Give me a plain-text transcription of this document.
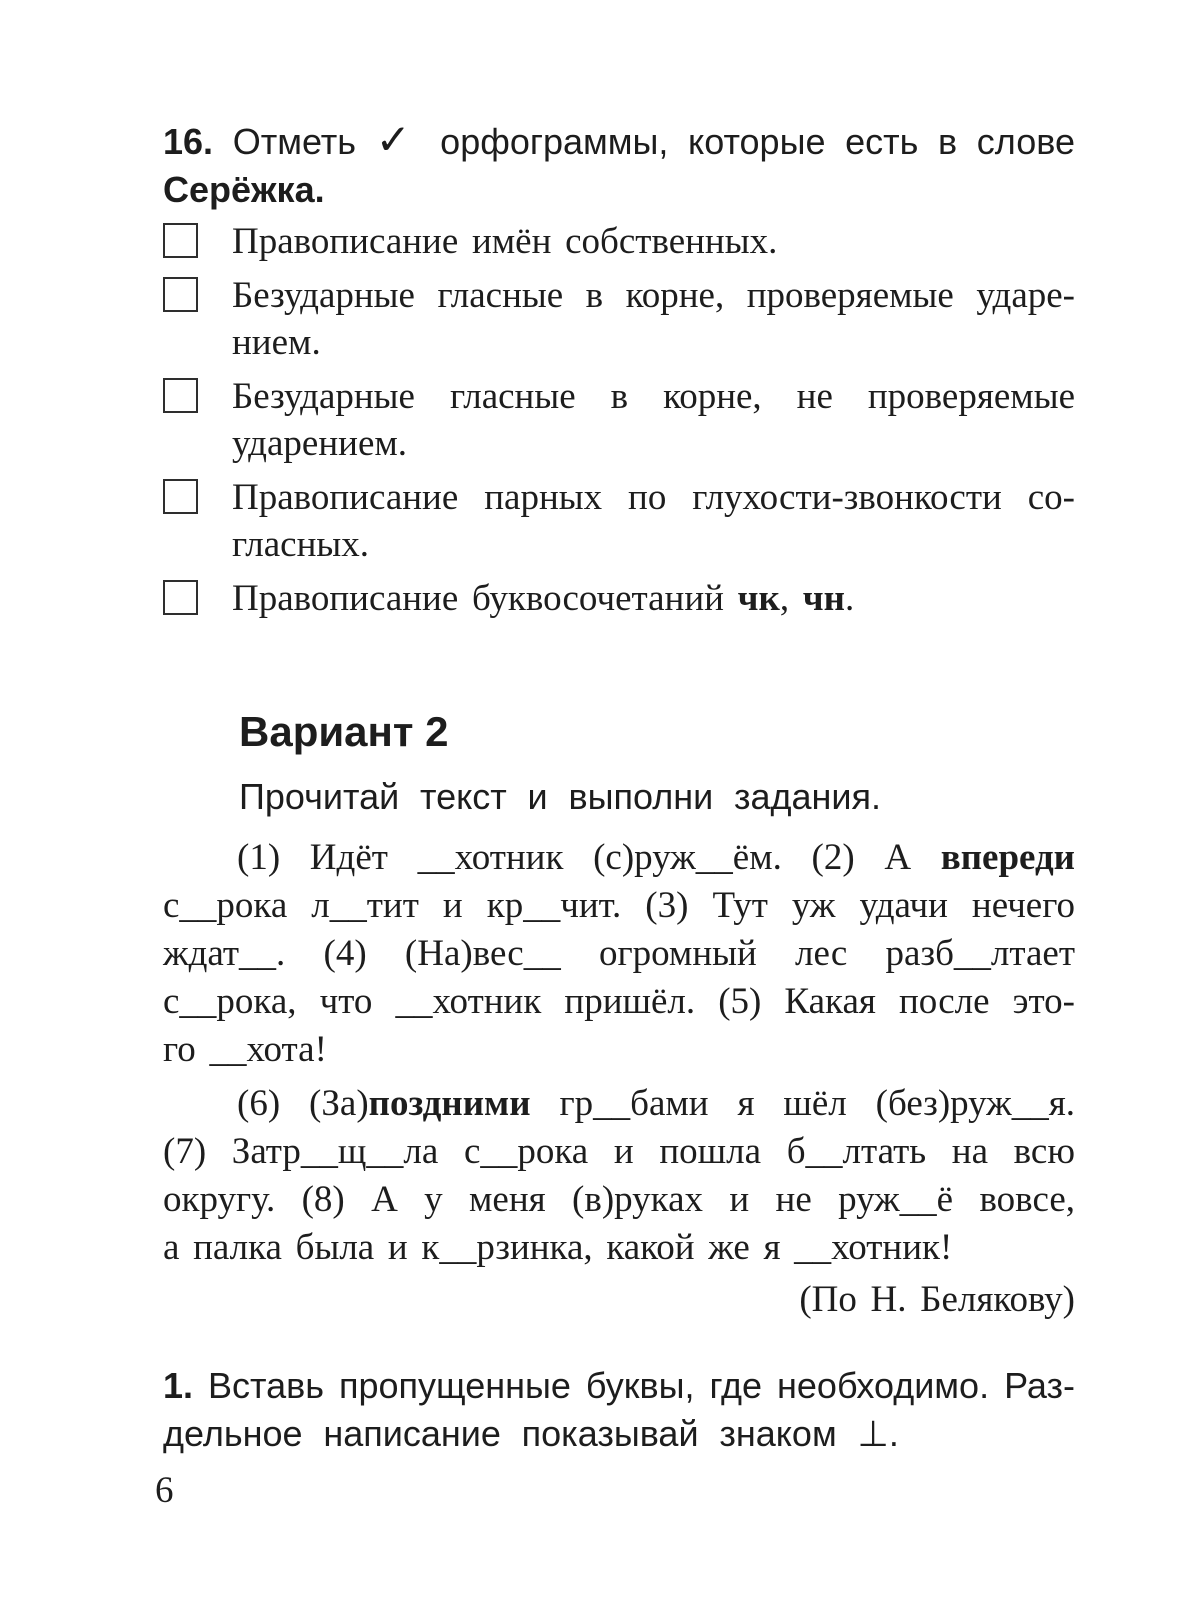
16. Отметь ✓ орфограммы, которые есть в слове
Серёжка.
Правописание имён собственных.
Безударные гласные в корне, проверяемые ударе-
нием.
Безударные гласные в корне, не проверяемые
ударением.
Правописание парных по глухости-звонкости со-
гласных.
Правописание буквосочетаний чк, чн.
Вариант 2
Прочитай текст и выполни задания.
(1) Идёт __хотник (с)руж__ём. (2) А впереди
с__рока л__тит и кр__чит. (3) Тут уж удачи нечего
ждат__. (4) (На)вес__ огромный лес разб__лтает
с__рока, что __хотник пришёл. (5) Какая после это-
го __хота!
(6) (За)поздними гр__бами я шёл (без)руж__я.
(7) Затр__щ__ла с__рока и пошла б__лтать на всю
округу. (8) А у меня (в)руках и не руж__ё вовсе,
а палка была и к__рзинка, какой же я __хотник!
(По Н. Белякову)
1. Вставь пропущенные буквы, где необходимо. Раз-
дельное написание показывай знаком ⊥.
6
